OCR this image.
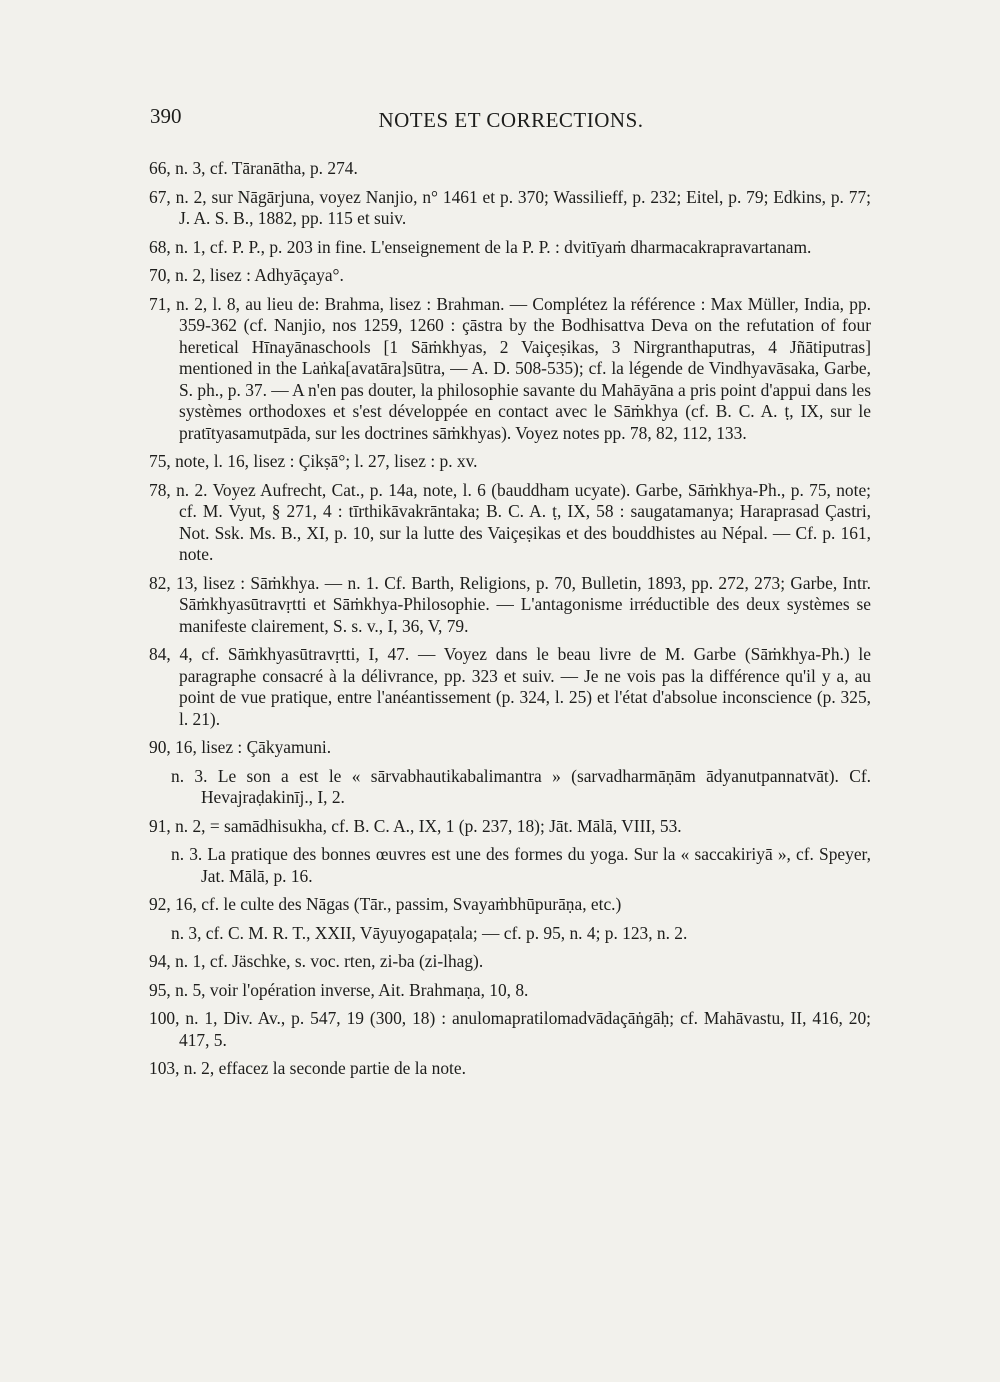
390	NOTES ET CORRECTIONS.

66, n. 3, cf. Tāranātha, p. 274.

67, n. 2, sur Nāgārjuna, voyez Nanjio, n° 1461 et p. 370; Wassilieff, p. 232; Eitel, p. 79; Edkins, p. 77; J. A. S. B., 1882, pp. 115 et suiv.

68, n. 1, cf. P. P., p. 203 in fine. L'enseignement de la P. P. : dvitīyaṁ dharmacakrapravartanam.

70, n. 2, lisez : Adhyāçaya°.

71, n. 2, l. 8, au lieu de: Brahma, lisez : Brahman. — Complétez la référence : Max Müller, India, pp. 359-362 (cf. Nanjio, nos 1259, 1260 : çāstra by the Bodhisattva Deva on the refutation of four heretical Hīnayānaschools [1 Sāṁkhyas, 2 Vaiçeṣikas, 3 Nirgranthaputras, 4 Jñātiputras] mentioned in the Laṅka[avatāra]sūtra, — A. D. 508-535); cf. la légende de Vindhyavāsaka, Garbe, S. ph., p. 37. — A n'en pas douter, la philosophie savante du Mahāyāna a pris point d'appui dans les systèmes orthodoxes et s'est développée en contact avec le Sāṁkhya (cf. B. C. A. ṭ, IX, sur le pratītyasamutpāda, sur les doctrines sāṁkhyas). Voyez notes pp. 78, 82, 112, 133.

75, note, l. 16, lisez : Çikṣā°; l. 27, lisez : p. xv.

78, n. 2. Voyez Aufrecht, Cat., p. 14a, note, l. 6 (bauddham ucyate). Garbe, Sāṁkhya-Ph., p. 75, note; cf. M. Vyut, § 271, 4 : tīrthikāvakrāntaka; B. C. A. ṭ, IX, 58 : saugatamanya; Haraprasad Çastri, Not. Ssk. Ms. B., XI, p. 10, sur la lutte des Vaiçeṣikas et des bouddhistes au Népal. — Cf. p. 161, note.

82, 13, lisez : Sāṁkhya. — n. 1. Cf. Barth, Religions, p. 70, Bulletin, 1893, pp. 272, 273; Garbe, Intr. Sāṁkhyasūtravṛtti et Sāṁkhya-Philosophie. — L'antagonisme irréductible des deux systèmes se manifeste clairement, S. s. v., I, 36, V, 79.

84, 4, cf. Sāṁkhyasūtravṛtti, I, 47. — Voyez dans le beau livre de M. Garbe (Sāṁkhya-Ph.) le paragraphe consacré à la délivrance, pp. 323 et suiv. — Je ne vois pas la différence qu'il y a, au point de vue pratique, entre l'anéantissement (p. 324, l. 25) et l'état d'absolue inconscience (p. 325, l. 21).

90, 16, lisez : Çākyamuni.

n. 3. Le son a est le « sārvabhautikabalimantra » (sarvadharmāṇām ādyanutpannatvāt). Cf. Hevajraḍakinīj., I, 2.

91, n. 2, = samādhisukha, cf. B. C. A., IX, 1 (p. 237, 18); Jāt. Mālā, VIII, 53.

n. 3. La pratique des bonnes œuvres est une des formes du yoga. Sur la « saccakiriyā », cf. Speyer, Jat. Mālā, p. 16.

92, 16, cf. le culte des Nāgas (Tār., passim, Svayaṁbhūpurāṇa, etc.)

n. 3, cf. C. M. R. T., XXII, Vāyuyogapaṭala; — cf. p. 95, n. 4; p. 123, n. 2.

94, n. 1, cf. Jäschke, s. voc. rten, zi-ba (zi-lhag).

95, n. 5, voir l'opération inverse, Ait. Brahmaṇa, 10, 8.

100, n. 1, Div. Av., p. 547, 19 (300, 18) : anulomapratilomadvādaçāṅgāḥ; cf. Mahāvastu, II, 416, 20; 417, 5.

103, n. 2, effacez la seconde partie de la note.
